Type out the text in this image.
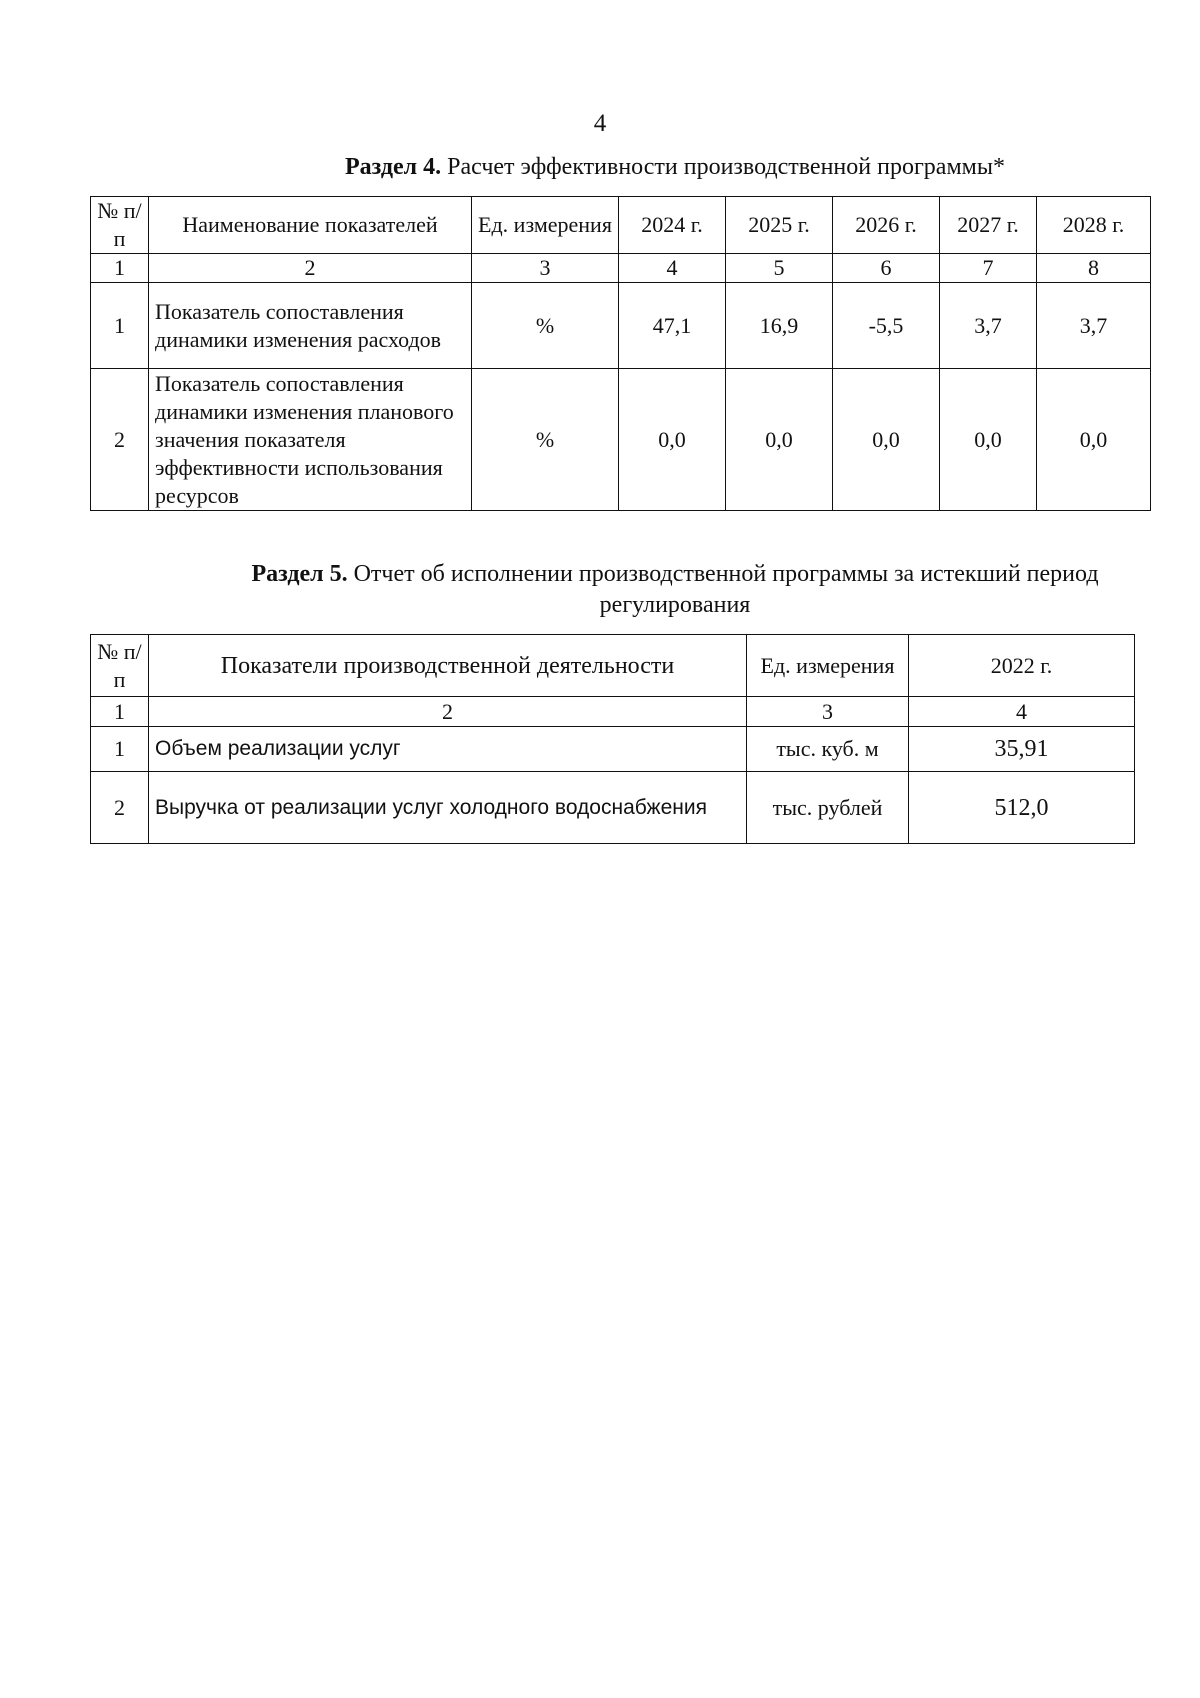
4
Раздел 4. Расчет эффективности производственной программы*
№ п/п	Наименование показателей	Ед. измерения	2024 г.	2025 г.	2026 г.	2027 г.	2028 г.
1	2	3	4	5	6	7	8
1	Показатель сопоставления динамики изменения расходов	%	47,1	16,9	-5,5	3,7	3,7
2	Показатель сопоставления динамики изменения планового значения показателя эффективности использования ресурсов	%	0,0	0,0	0,0	0,0	0,0
Раздел 5. Отчет об исполнении производственной программы за истекший период регулирования
№ п/п	Показатели производственной деятельности	Ед. измерения	2022 г.
1	2	3	4
1	Объем реализации услуг	тыс. куб. м	35,91
2	Выручка от реализации услуг холодного водоснабжения	тыс. рублей	512,0
